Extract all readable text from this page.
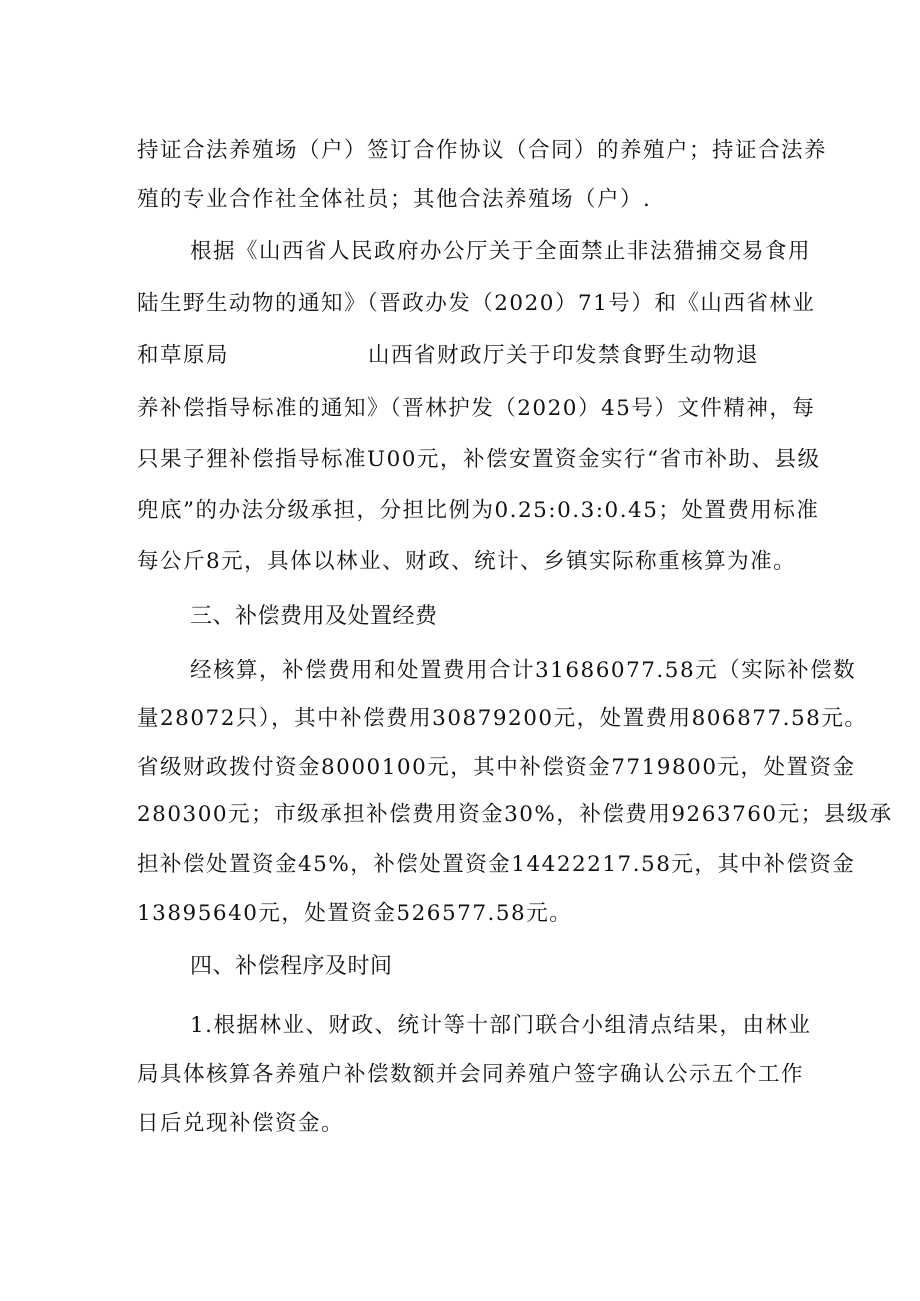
持证合法养殖场（户）签订合作协议（合同）的养殖户；持证合法养
殖的专业合作社全体社员；其他合法养殖场（户）.
根据《山西省人民政府办公厅关于全面禁止非法猎捕交易食用
陆生野生动物的通知》（晋政办发（2020）71号）和《山西省林业
和草原局	山西省财政厅关于印发禁食野生动物退
养补偿指导标准的通知》（晋林护发（2020）45号）文件精神，每
只果子狸补偿指导标准U00元，补偿安置资金实行“省市补助、县级
兜底”的办法分级承担，分担比例为0.25:0.3:0.45；处置费用标准
每公斤8元，具体以林业、财政、统计、乡镇实际称重核算为准。
三、补偿费用及处置经费
经核算，补偿费用和处置费用合计31686077.58元（实际补偿数
量28072只），其中补偿费用30879200元，处置费用806877.58元。
省级财政拨付资金8000100元，其中补偿资金7719800元，处置资金
280300元；市级承担补偿费用资金30%，补偿费用9263760元；县级承
担补偿处置资金45%，补偿处置资金14422217.58元，其中补偿资金
13895640元，处置资金526577.58元。
四、补偿程序及时间
1.根据林业、财政、统计等十部门联合小组清点结果，由林业
局具体核算各养殖户补偿数额并会同养殖户签字确认公示五个工作
日后兑现补偿资金。
